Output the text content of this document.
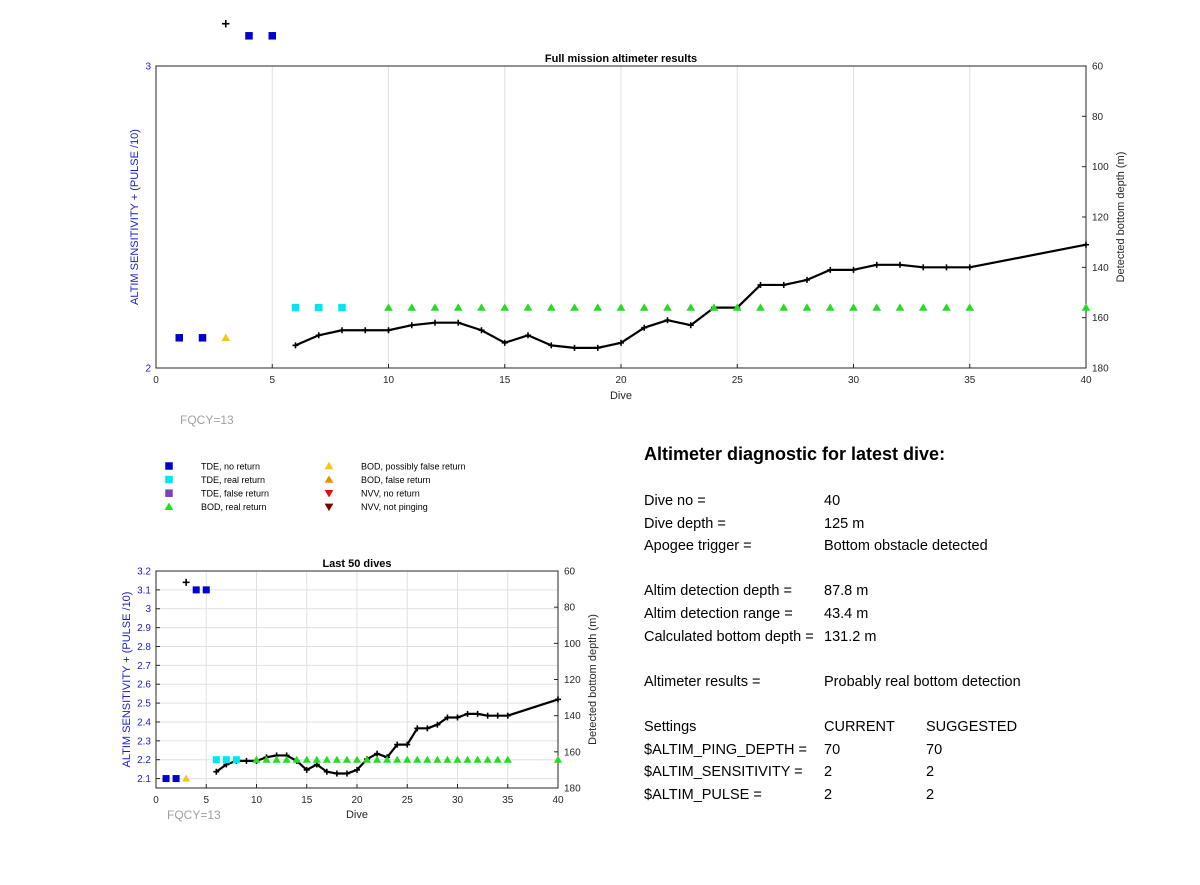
0	5	10	15	20	25	30	35	40
2
3	60
80
100
120
140
160
180
Full mission altimeter results
Dive
ALTIM SENSITIVITY + (PULSE /10)	Detected bottom depth (m)
FQCY=13
0	5	10	15	20	25	30	35	40
2.1
2.2
2.3
2.4
2.5
2.6
2.7
2.8
2.9
3
3.1
3.2	60
80
100
120
140
160
180
Last 50 dives
Dive
ALTIM SENSITIVITY + (PULSE /10)	Detected bottom depth (m)
FQCY=13
TDE, no return
TDE, real return
TDE, false return
BOD, real return
BOD, possibly false return
BOD, false return
NVV, no return
NVV, not pinging
Altimeter diagnostic for latest dive:
Dive no =	40
Dive depth =	125 m
Apogee trigger =	Bottom obstacle detected
Altim detection depth = 87.8 m
Altim detection range = 43.4 m
Calculated bottom depth = 131.2 m
Altimeter results =	Probably real bottom detection
Settings	CURRENT SUGGESTED
$ALTIM_PING_DEPTH = 70	70
$ALTIM_SENSITIVITY = 2	2
$ALTIM_PULSE =	2	2
